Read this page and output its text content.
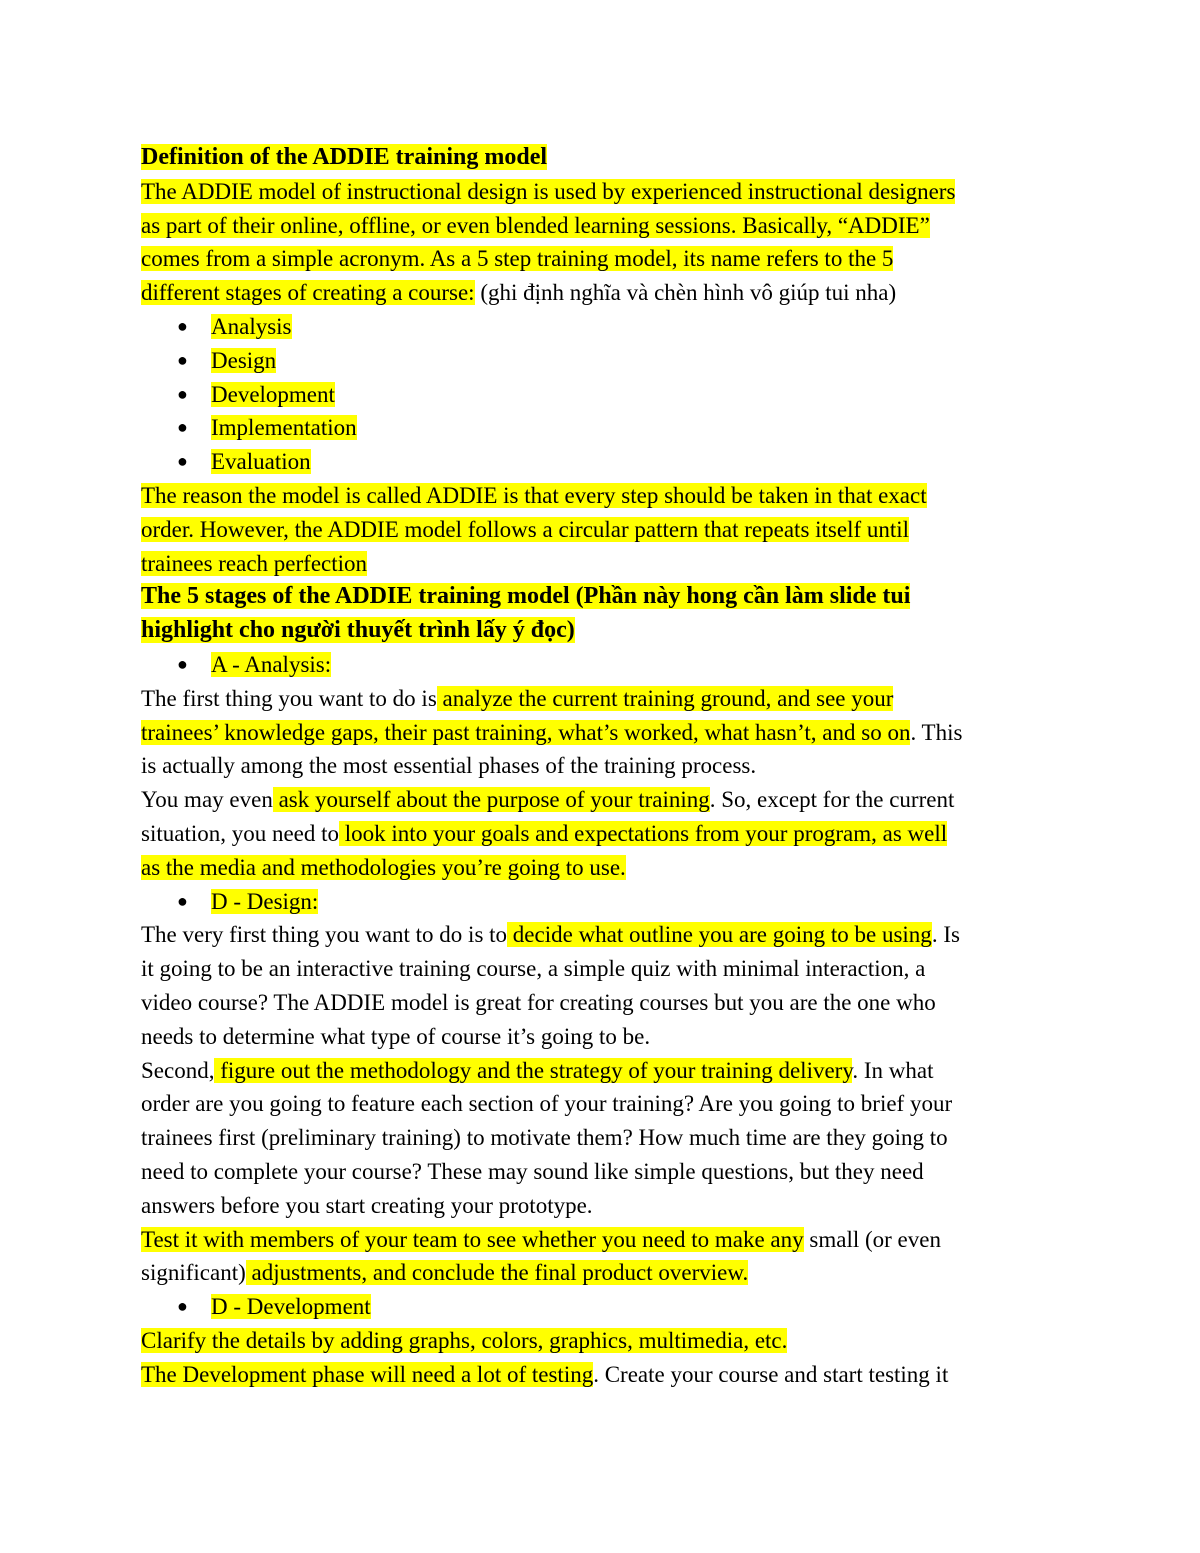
Definition of the ADDIE training model
The ADDIE model of instructional design is used by experienced instructional designers
as part of their online, offline, or even blended learning sessions. Basically, “ADDIE”
comes from a simple acronym. As a 5 step training model, its name refers to the 5
different stages of creating a course: (ghi định nghĩa và chèn hình vô giúp tui nha)
● Analysis
● Design
● Development
● Implementation
● Evaluation
The reason the model is called ADDIE is that every step should be taken in that exact
order. However, the ADDIE model follows a circular pattern that repeats itself until
trainees reach perfection
The 5 stages of the ADDIE training model (Phần này hong cần làm slide tui
highlight cho người thuyết trình lấy ý đọc)
● A - Analysis:
The first thing you want to do is analyze the current training ground, and see your
trainees’ knowledge gaps, their past training, what’s worked, what hasn’t, and so on. This
is actually among the most essential phases of the training process.
You may even ask yourself about the purpose of your training. So, except for the current
situation, you need to look into your goals and expectations from your program, as well
as the media and methodologies you’re going to use.
● D - Design:
The very first thing you want to do is to decide what outline you are going to be using. Is
it going to be an interactive training course, a simple quiz with minimal interaction, a
video course? The ADDIE model is great for creating courses but you are the one who
needs to determine what type of course it’s going to be.
Second, figure out the methodology and the strategy of your training delivery. In what
order are you going to feature each section of your training? Are you going to brief your
trainees first (preliminary training) to motivate them? How much time are they going to
need to complete your course? These may sound like simple questions, but they need
answers before you start creating your prototype.
Test it with members of your team to see whether you need to make any small (or even
significant) adjustments, and conclude the final product overview.
● D - Development
Clarify the details by adding graphs, colors, graphics, multimedia, etc.
The Development phase will need a lot of testing. Create your course and start testing it
